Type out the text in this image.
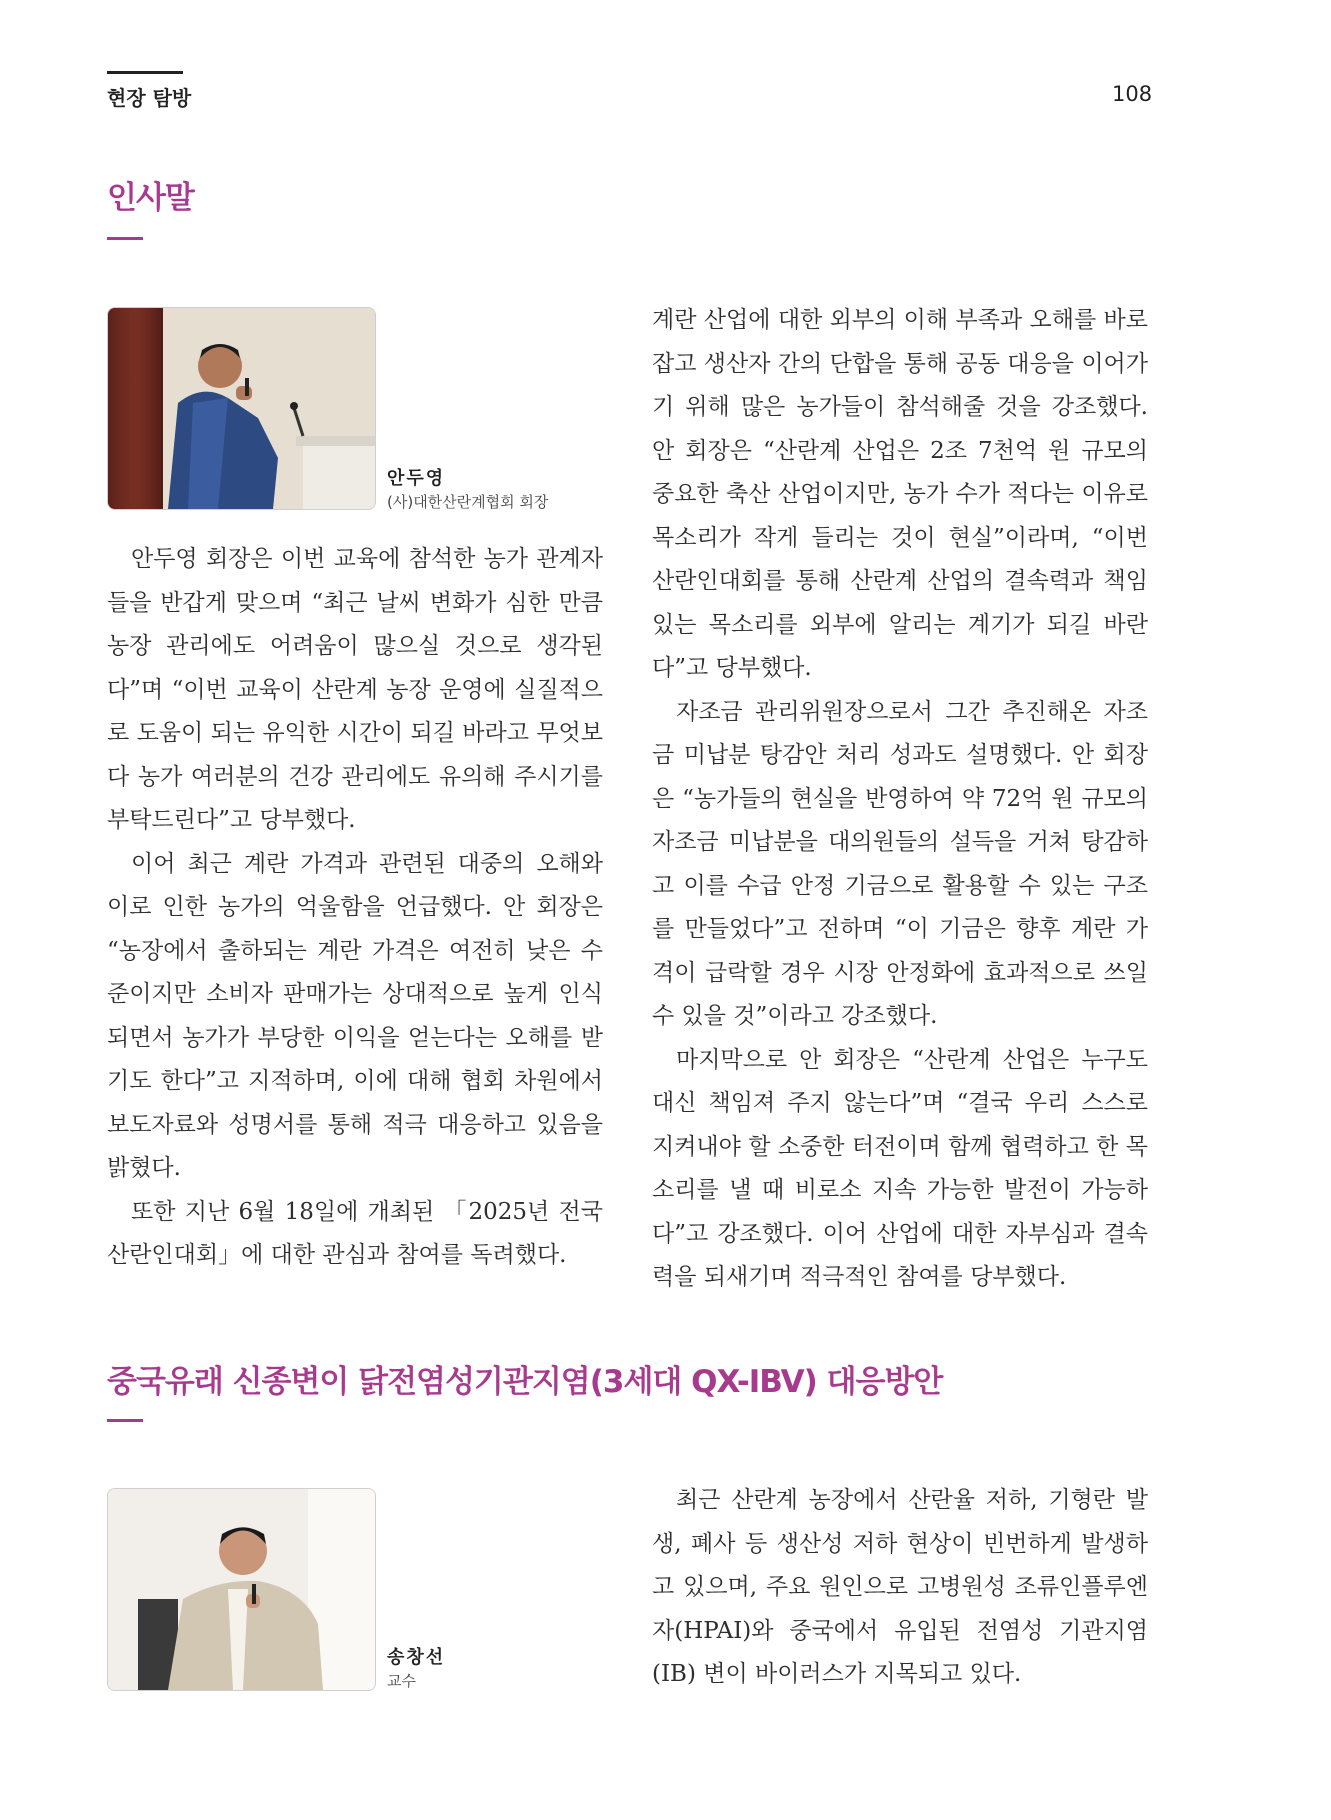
현장 탐방	108
인사말
안두영
(사)대한산란계협회 회장

안두영 회장은 이번 교육에 참석한 농가 관계자들을 반갑게 맞으며 “최근 날씨 변화가 심한 만큼 농장 관리에도 어려움이 많으실 것으로 생각된다”며 “이번 교육이 산란계 농장 운영에 실질적으로 도움이 되는 유익한 시간이 되길 바라고 무엇보다 농가 여러분의 건강 관리에도 유의해 주시기를 부탁드린다”고 당부했다.

이어 최근 계란 가격과 관련된 대중의 오해와 이로 인한 농가의 억울함을 언급했다. 안 회장은 “농장에서 출하되는 계란 가격은 여전히 낮은 수준이지만 소비자 판매가는 상대적으로 높게 인식되면서 농가가 부당한 이익을 얻는다는 오해를 받기도 한다”고 지적하며, 이에 대해 협회 차원에서 보도자료와 성명서를 통해 적극 대응하고 있음을 밝혔다.

또한 지난 6월 18일에 개최된 「2025년 전국 산란인대회」에 대한 관심과 참여를 독려했다.

계란 산업에 대한 외부의 이해 부족과 오해를 바로잡고 생산자 간의 단합을 통해 공동 대응을 이어가기 위해 많은 농가들이 참석해줄 것을 강조했다. 안 회장은 “산란계 산업은 2조 7천억 원 규모의 중요한 축산 산업이지만, 농가 수가 적다는 이유로 목소리가 작게 들리는 것이 현실”이라며, “이번 산란인대회를 통해 산란계 산업의 결속력과 책임 있는 목소리를 외부에 알리는 계기가 되길 바란다”고 당부했다.

자조금 관리위원장으로서 그간 추진해온 자조금 미납분 탕감안 처리 성과도 설명했다. 안 회장은 “농가들의 현실을 반영하여 약 72억 원 규모의 자조금 미납분을 대의원들의 설득을 거쳐 탕감하고 이를 수급 안정 기금으로 활용할 수 있는 구조를 만들었다”고 전하며 “이 기금은 향후 계란 가격이 급락할 경우 시장 안정화에 효과적으로 쓰일 수 있을 것”이라고 강조했다.

마지막으로 안 회장은 “산란계 산업은 누구도 대신 책임져 주지 않는다”며 “결국 우리 스스로 지켜내야 할 소중한 터전이며 함께 협력하고 한 목소리를 낼 때 비로소 지속 가능한 발전이 가능하다”고 강조했다. 이어 산업에 대한 자부심과 결속력을 되새기며 적극적인 참여를 당부했다.

중국유래 신종변이 닭전염성기관지염(3세대 QX-IBV) 대응방안
송창선
교수

최근 산란계 농장에서 산란율 저하, 기형란 발생, 폐사 등 생산성 저하 현상이 빈번하게 발생하고 있으며, 주요 원인으로 고병원성 조류인플루엔자(HPAI)와 중국에서 유입된 전염성 기관지염(IB) 변이 바이러스가 지목되고 있다.
